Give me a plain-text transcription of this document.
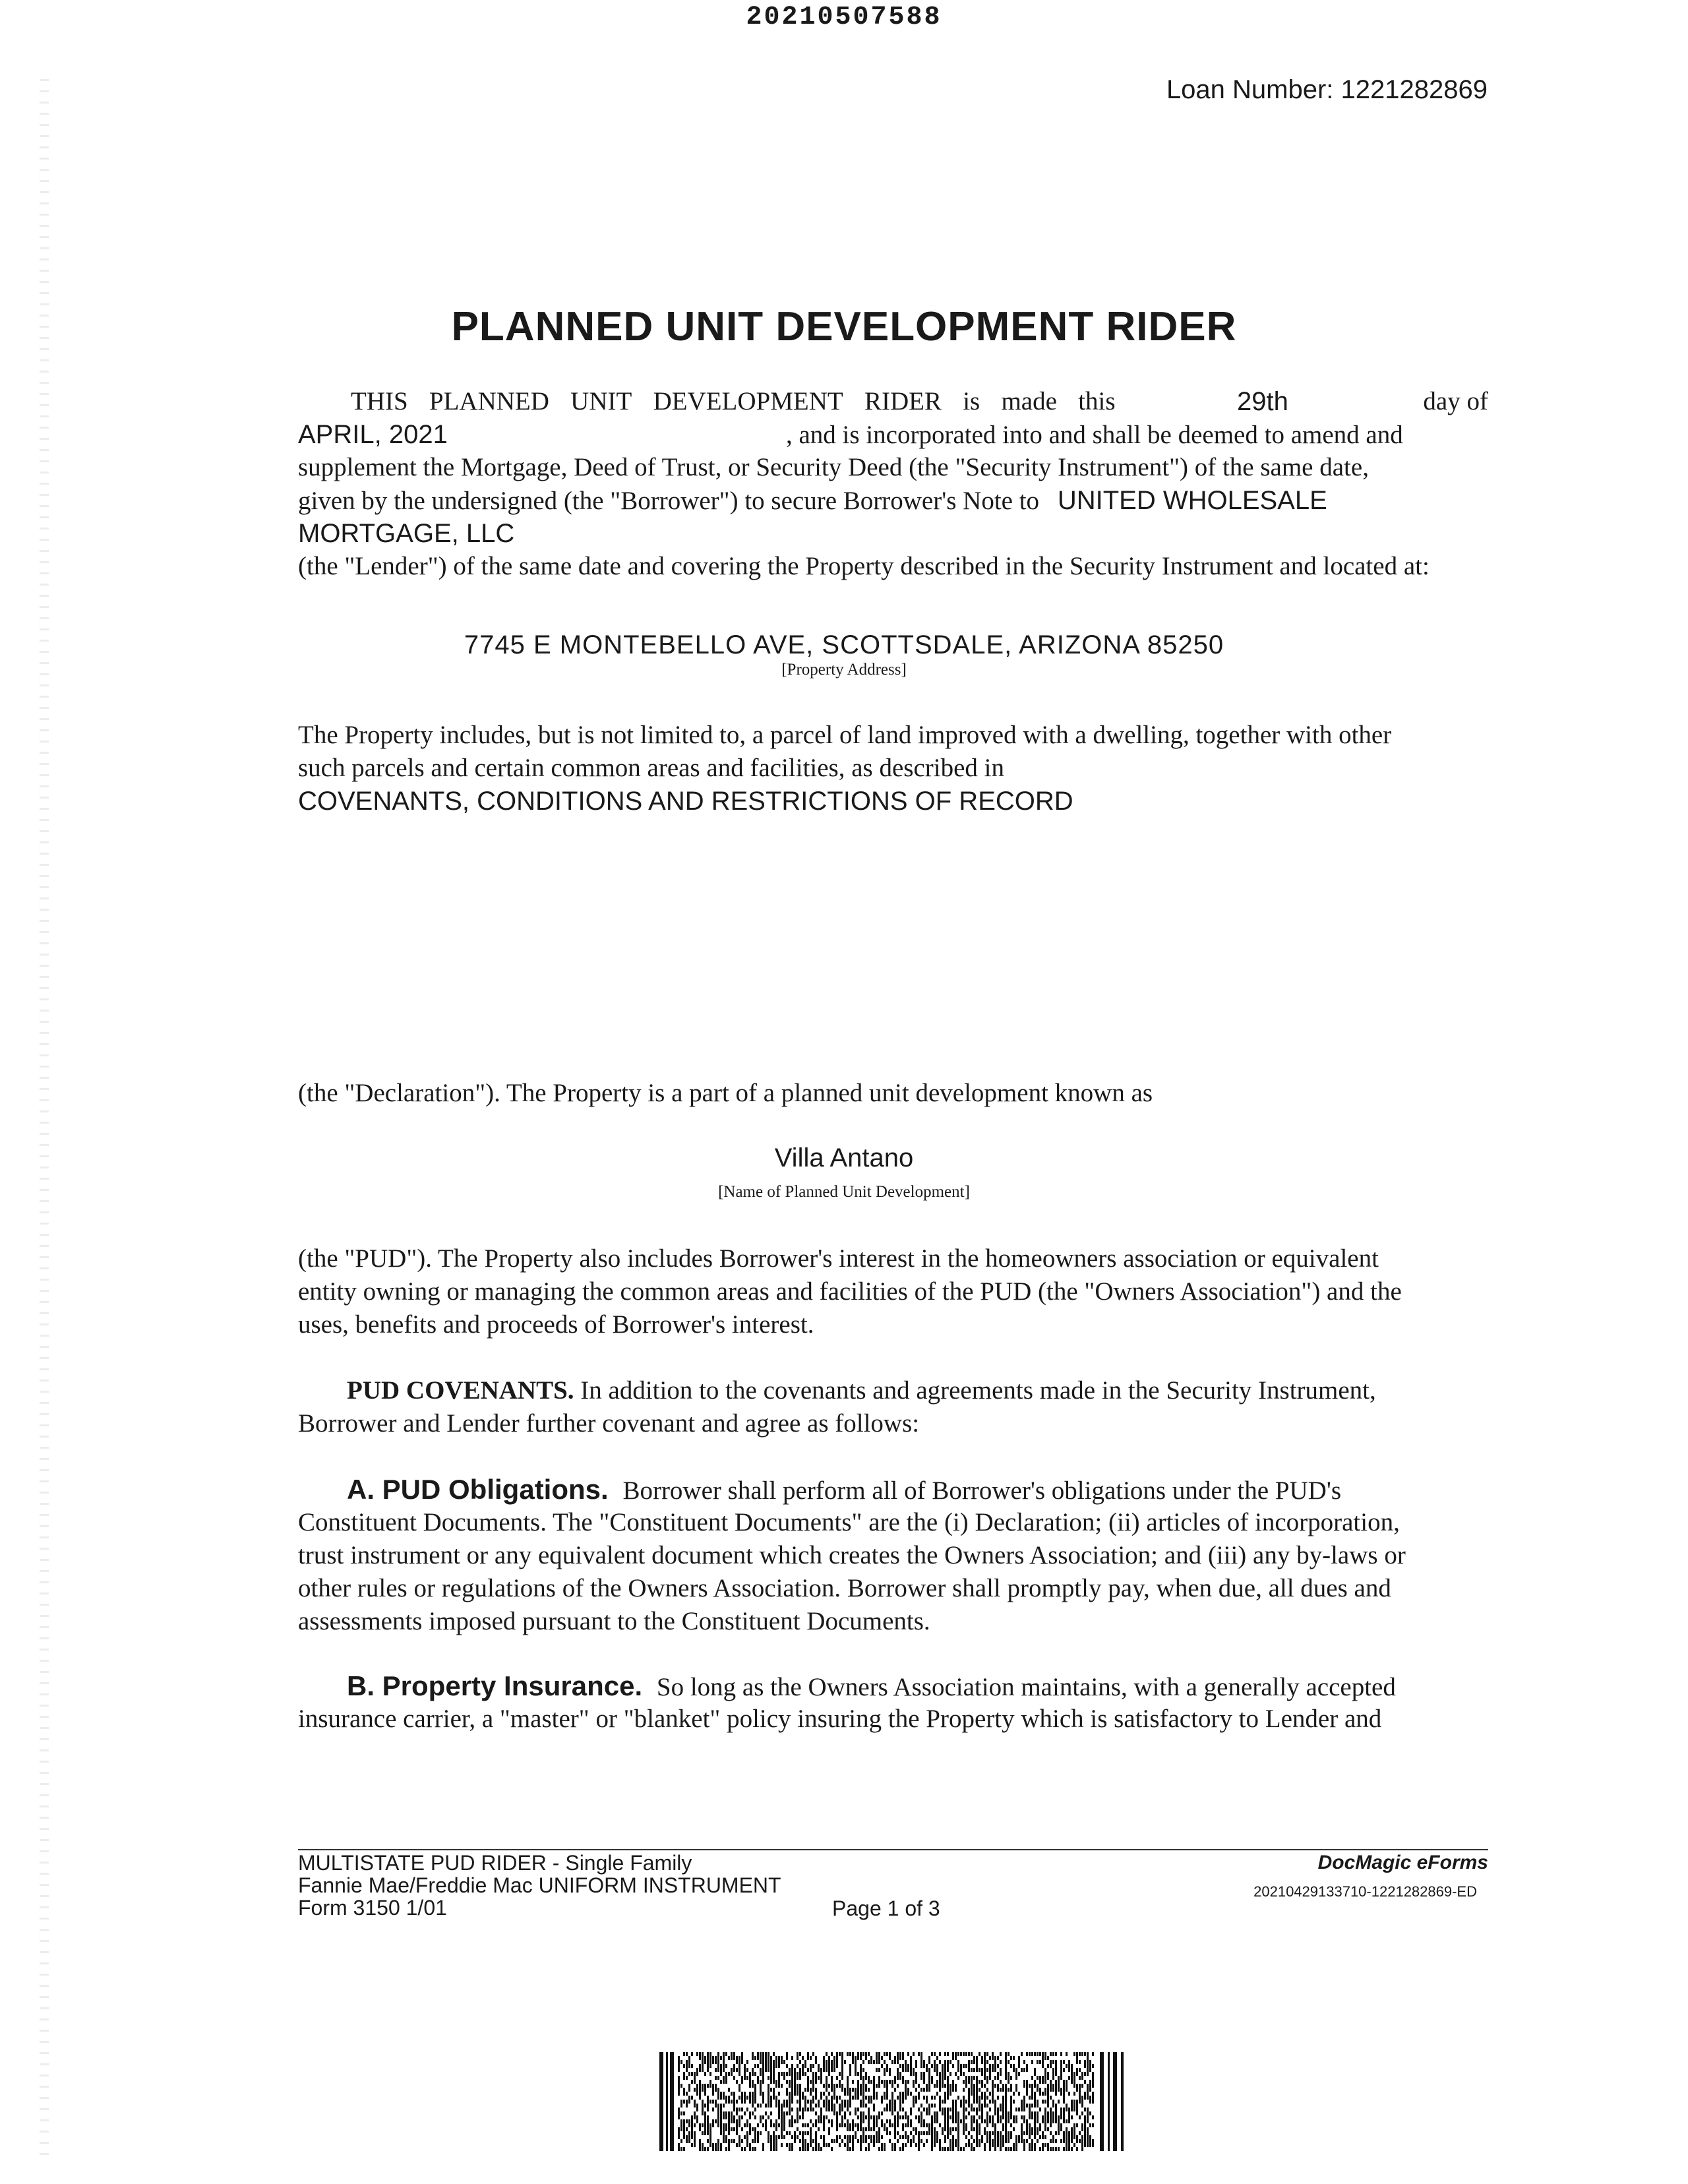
20210507588
Loan Number: 1221282869
PLANNED UNIT DEVELOPMENT RIDER
THIS PLANNED UNIT DEVELOPMENT RIDER is made this	29th	day of
APRIL, 2021	, and is incorporated into and shall be deemed to amend and
supplement the Mortgage, Deed of Trust, or Security Deed (the "Security Instrument") of the same date,
given by the undersigned (the "Borrower") to secure Borrower's Note to UNITED WHOLESALE
MORTGAGE, LLC
(the "Lender") of the same date and covering the Property described in the Security Instrument and located at:
7745 E MONTEBELLO AVE, SCOTTSDALE, ARIZONA 85250
[Property Address]
The Property includes, but is not limited to, a parcel of land improved with a dwelling, together with other
such parcels and certain common areas and facilities, as described in
COVENANTS, CONDITIONS AND RESTRICTIONS OF RECORD
(the "Declaration"). The Property is a part of a planned unit development known as
Villa Antano
[Name of Planned Unit Development]
(the "PUD"). The Property also includes Borrower's interest in the homeowners association or equivalent
entity owning or managing the common areas and facilities of the PUD (the "Owners Association") and the
uses, benefits and proceeds of Borrower's interest.
PUD COVENANTS. In addition to the covenants and agreements made in the Security Instrument,
Borrower and Lender further covenant and agree as follows:
A. PUD Obligations. Borrower shall perform all of Borrower's obligations under the PUD's
Constituent Documents. The "Constituent Documents" are the (i) Declaration; (ii) articles of incorporation,
trust instrument or any equivalent document which creates the Owners Association; and (iii) any by-laws or
other rules or regulations of the Owners Association. Borrower shall promptly pay, when due, all dues and
assessments imposed pursuant to the Constituent Documents.
B. Property Insurance. So long as the Owners Association maintains, with a generally accepted
insurance carrier, a "master" or "blanket" policy insuring the Property which is satisfactory to Lender and
MULTISTATE PUD RIDER - Single Family
Fannie Mae/Freddie Mac UNIFORM INSTRUMENT
Form 3150 1/01	Page 1 of 3
DocMagic eForms
20210429133710-1221282869-ED
